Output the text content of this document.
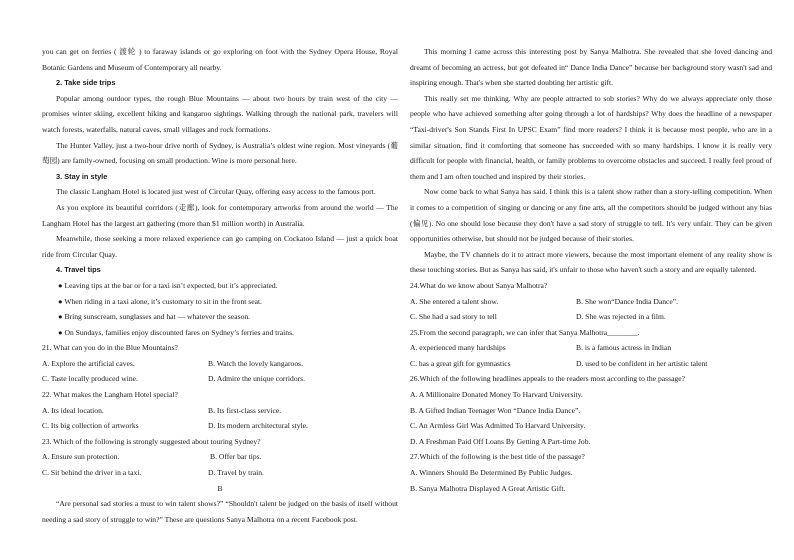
you can get on ferries ( 渡轮 ) to faraway islands or go exploring on foot with the Sydney Opera House, Royal Botanic Gardens and Museum of Contemporary all nearby.

2. Take side trips

Popular among outdoor types, the rough Blue Mountains — about two hours by train west of the city — promises winter skiing, excellent hiking and kangaroo sightings. Walking through the national park, travelers will watch forests, waterfalls, natural caves, small villages and rock formations.

The Hunter Valley, just a two-hour drive north of Sydney, is Australia’s oldest wine region. Most vineyards (葡萄园) are family-owned, focusing on small production. Wine is more personal here.

3. Stay in style

The classic Langham Hotel is located just west of Circular Quay, offering easy access to the famous port.

As you explore its beautiful corridors (走廊), look for contemporary artworks from around the world — The Langham Hotel has the largest art gathering (more than $1 million worth) in Australia.

Meanwhile, those seeking a more relaxed experience can go camping on Cockatoo Island — just a quick boat ride from Circular Quay.

4. Travel tips

● Leaving tips at the bar or for a taxi isn’t expected, but it’s appreciated.

● When riding in a taxi alone, it’s customary to sit in the front seat.

● Bring sunscream, sunglasses and hat — whatever the season.

● On Sundays, families enjoy discounted fares on Sydney’s ferries and trains.

21. What can you do in the Blue Mountains?

A. Explore the artificial caves.	B. Watch the lovely kangaroos.
C. Taste locally produced wine.	D. Admire the unique corridors.

22. What makes the Langham Hotel special?

A. Its ideal location.	B. Its first-class service.
C. Its big collection of artworks	D. Its modern architectural style.

23. Which of the following is strongly suggested about touring Sydney?

A. Ensure sun protection.	B. Offer bar tips.
C. Sit behind the driver in a taxi.	D. Travel by train.

B

“Are personal sad stories a must to win talent shows?” “Shouldn't talent be judged on the basis of itself without needing a sad story of struggle to win?” These are questions Sanya Malhotra on a recent Facebook post.

This morning I came across this interesting post by Sanya Malhotra. She revealed that she loved dancing and dreamt of becoming an actress, but got defeated in“ Dance India Dance” because her background story wasn't sad and inspiring enough. That's when she started doubting her artistic gift.

This really set me thinking. Why are people attracted to sob stories? Why do we always appreciate only those people who have achieved something after going through a lot of hardships? Why does the headline of a newspaper “Taxi-driver's Son Stands First In UPSC Exam” find more readers? I think it is because most people, who are in a similar situation, find it comforting that someone has succeeded with so many hardships. I know it is really very difficult for people with financial, health, or family problems to overcome obstacles and succeed. I really feel proud of them and I am often touched and inspired by their stories.

Now come back to what Sanya has said. I think this is a talent show rather than a story-telling competition. When it comes to a competition of singing or dancing or any fine arts, all the competitors should be judged without any bias (偏见). No one should lose because they don't have a sad story of struggle to tell. It's very unfair. They can be given opportunities otherwise, but should not be judged because of their stories.

Maybe, the TV channels do it to attract more viewers, because the most important element of any reality show is these touching stories. But as Sanya has said, it's unfair to those who haven't such a story and are equally talented.

24.What do we know about Sanya Malhotra?

A. She entered a talent show.	B. She won“Dance India Dance”.
C. She had a sad story to tell	D. She was rejected in a film.

25.From the second paragraph, we can infer that Sanya Malhotra________.

A. experienced many hardships	B. is a famous actress in Indian
C. has a great gift for gymnastics	D. used to be confident in her artistic talent

26.Which of the following headlines appeals to the readers most according to the passage?

A. A Millionaire Donated Money To Harvard University.

B. A Gifted Indian Teenager Won “Dance India Dance”.

C. An Armless Girl Was Admitted To Harvard University.

D. A Freshman Paid Off Loans By Getting A Part-time Job.

27.Which of the following is the best title of the passage?

A. Winners Should Be Determined By Public Judges.

B. Sanya Malhotra Displayed A Great Artistic Gift.
